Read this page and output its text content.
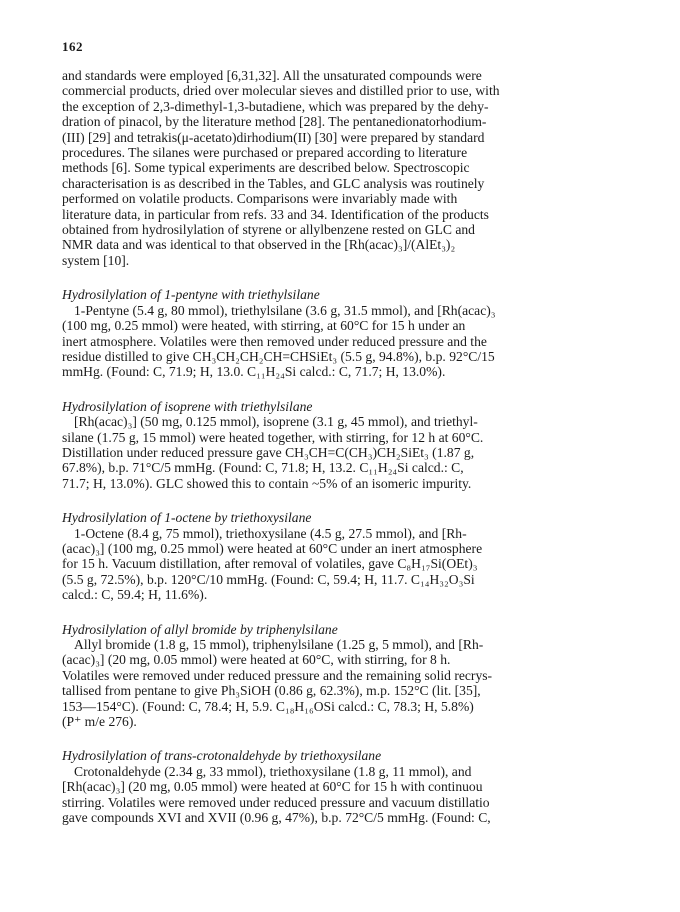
162

and standards were employed [6,31,32]. All the unsaturated compounds were
commercial products, dried over molecular sieves and distilled prior to use, with
the exception of 2,3-dimethyl-1,3-butadiene, which was prepared by the dehy-
dration of pinacol, by the literature method [28]. The pentanedionatorhodium-
(III) [29] and tetrakis(μ-acetato)dirhodium(II) [30] were prepared by standard
procedures. The silanes were purchased or prepared according to literature
methods [6]. Some typical experiments are described below. Spectroscopic
characterisation is as described in the Tables, and GLC analysis was routinely
performed on volatile products. Comparisons were invariably made with
literature data, in particular from refs. 33 and 34. Identification of the products
obtained from hydrosilylation of styrene or allylbenzene rested on GLC and
NMR data and was identical to that observed in the [Rh(acac)₃]/(AlEt₃)₂
system [10].

Hydrosilylation of 1-pentyne with triethylsilane

1-Pentyne (5.4 g, 80 mmol), triethylsilane (3.6 g, 31.5 mmol), and [Rh(acac)₃
(100 mg, 0.25 mmol) were heated, with stirring, at 60°C for 15 h under an
inert atmosphere. Volatiles were then removed under reduced pressure and the
residue distilled to give CH₃CH₂CH₂CH=CHSiEt₃ (5.5 g, 94.8%), b.p. 92°C/15
mmHg. (Found: C, 71.9; H, 13.0. C₁₁H₂₄Si calcd.: C, 71.7; H, 13.0%).

Hydrosilylation of isoprene with triethylsilane

[Rh(acac)₃] (50 mg, 0.125 mmol), isoprene (3.1 g, 45 mmol), and triethyl-
silane (1.75 g, 15 mmol) were heated together, with stirring, for 12 h at 60°C.
Distillation under reduced pressure gave CH₃CH=C(CH₃)CH₂SiEt₃ (1.87 g,
67.8%), b.p. 71°C/5 mmHg. (Found: C, 71.8; H, 13.2. C₁₁H₂₄Si calcd.: C,
71.7; H, 13.0%). GLC showed this to contain ~5% of an isomeric impurity.

Hydrosilylation of 1-octene by triethoxysilane

1-Octene (8.4 g, 75 mmol), triethoxysilane (4.5 g, 27.5 mmol), and [Rh-
(acac)₃] (100 mg, 0.25 mmol) were heated at 60°C under an inert atmosphere
for 15 h. Vacuum distillation, after removal of volatiles, gave C₈H₁₇Si(OEt)₃
(5.5 g, 72.5%), b.p. 120°C/10 mmHg. (Found: C, 59.4; H, 11.7. C₁₄H₃₂O₃Si
calcd.: C, 59.4; H, 11.6%).

Hydrosilylation of allyl bromide by triphenylsilane

Allyl bromide (1.8 g, 15 mmol), triphenylsilane (1.25 g, 5 mmol), and [Rh-
(acac)₃] (20 mg, 0.05 mmol) were heated at 60°C, with stirring, for 8 h.
Volatiles were removed under reduced pressure and the remaining solid recrys-
tallised from pentane to give Ph₃SiOH (0.86 g, 62.3%), m.p. 152°C (lit. [35],
153—154°C). (Found: C, 78.4; H, 5.9. C₁₈H₁₆OSi calcd.: C, 78.3; H, 5.8%)
(P⁺ m/e 276).

Hydrosilylation of trans-crotonaldehyde by triethoxysilane

Crotonaldehyde (2.34 g, 33 mmol), triethoxysilane (1.8 g, 11 mmol), and
[Rh(acac)₃] (20 mg, 0.05 mmol) were heated at 60°C for 15 h with continuou
stirring. Volatiles were removed under reduced pressure and vacuum distillatio
gave compounds XVI and XVII (0.96 g, 47%), b.p. 72°C/5 mmHg. (Found: C,
